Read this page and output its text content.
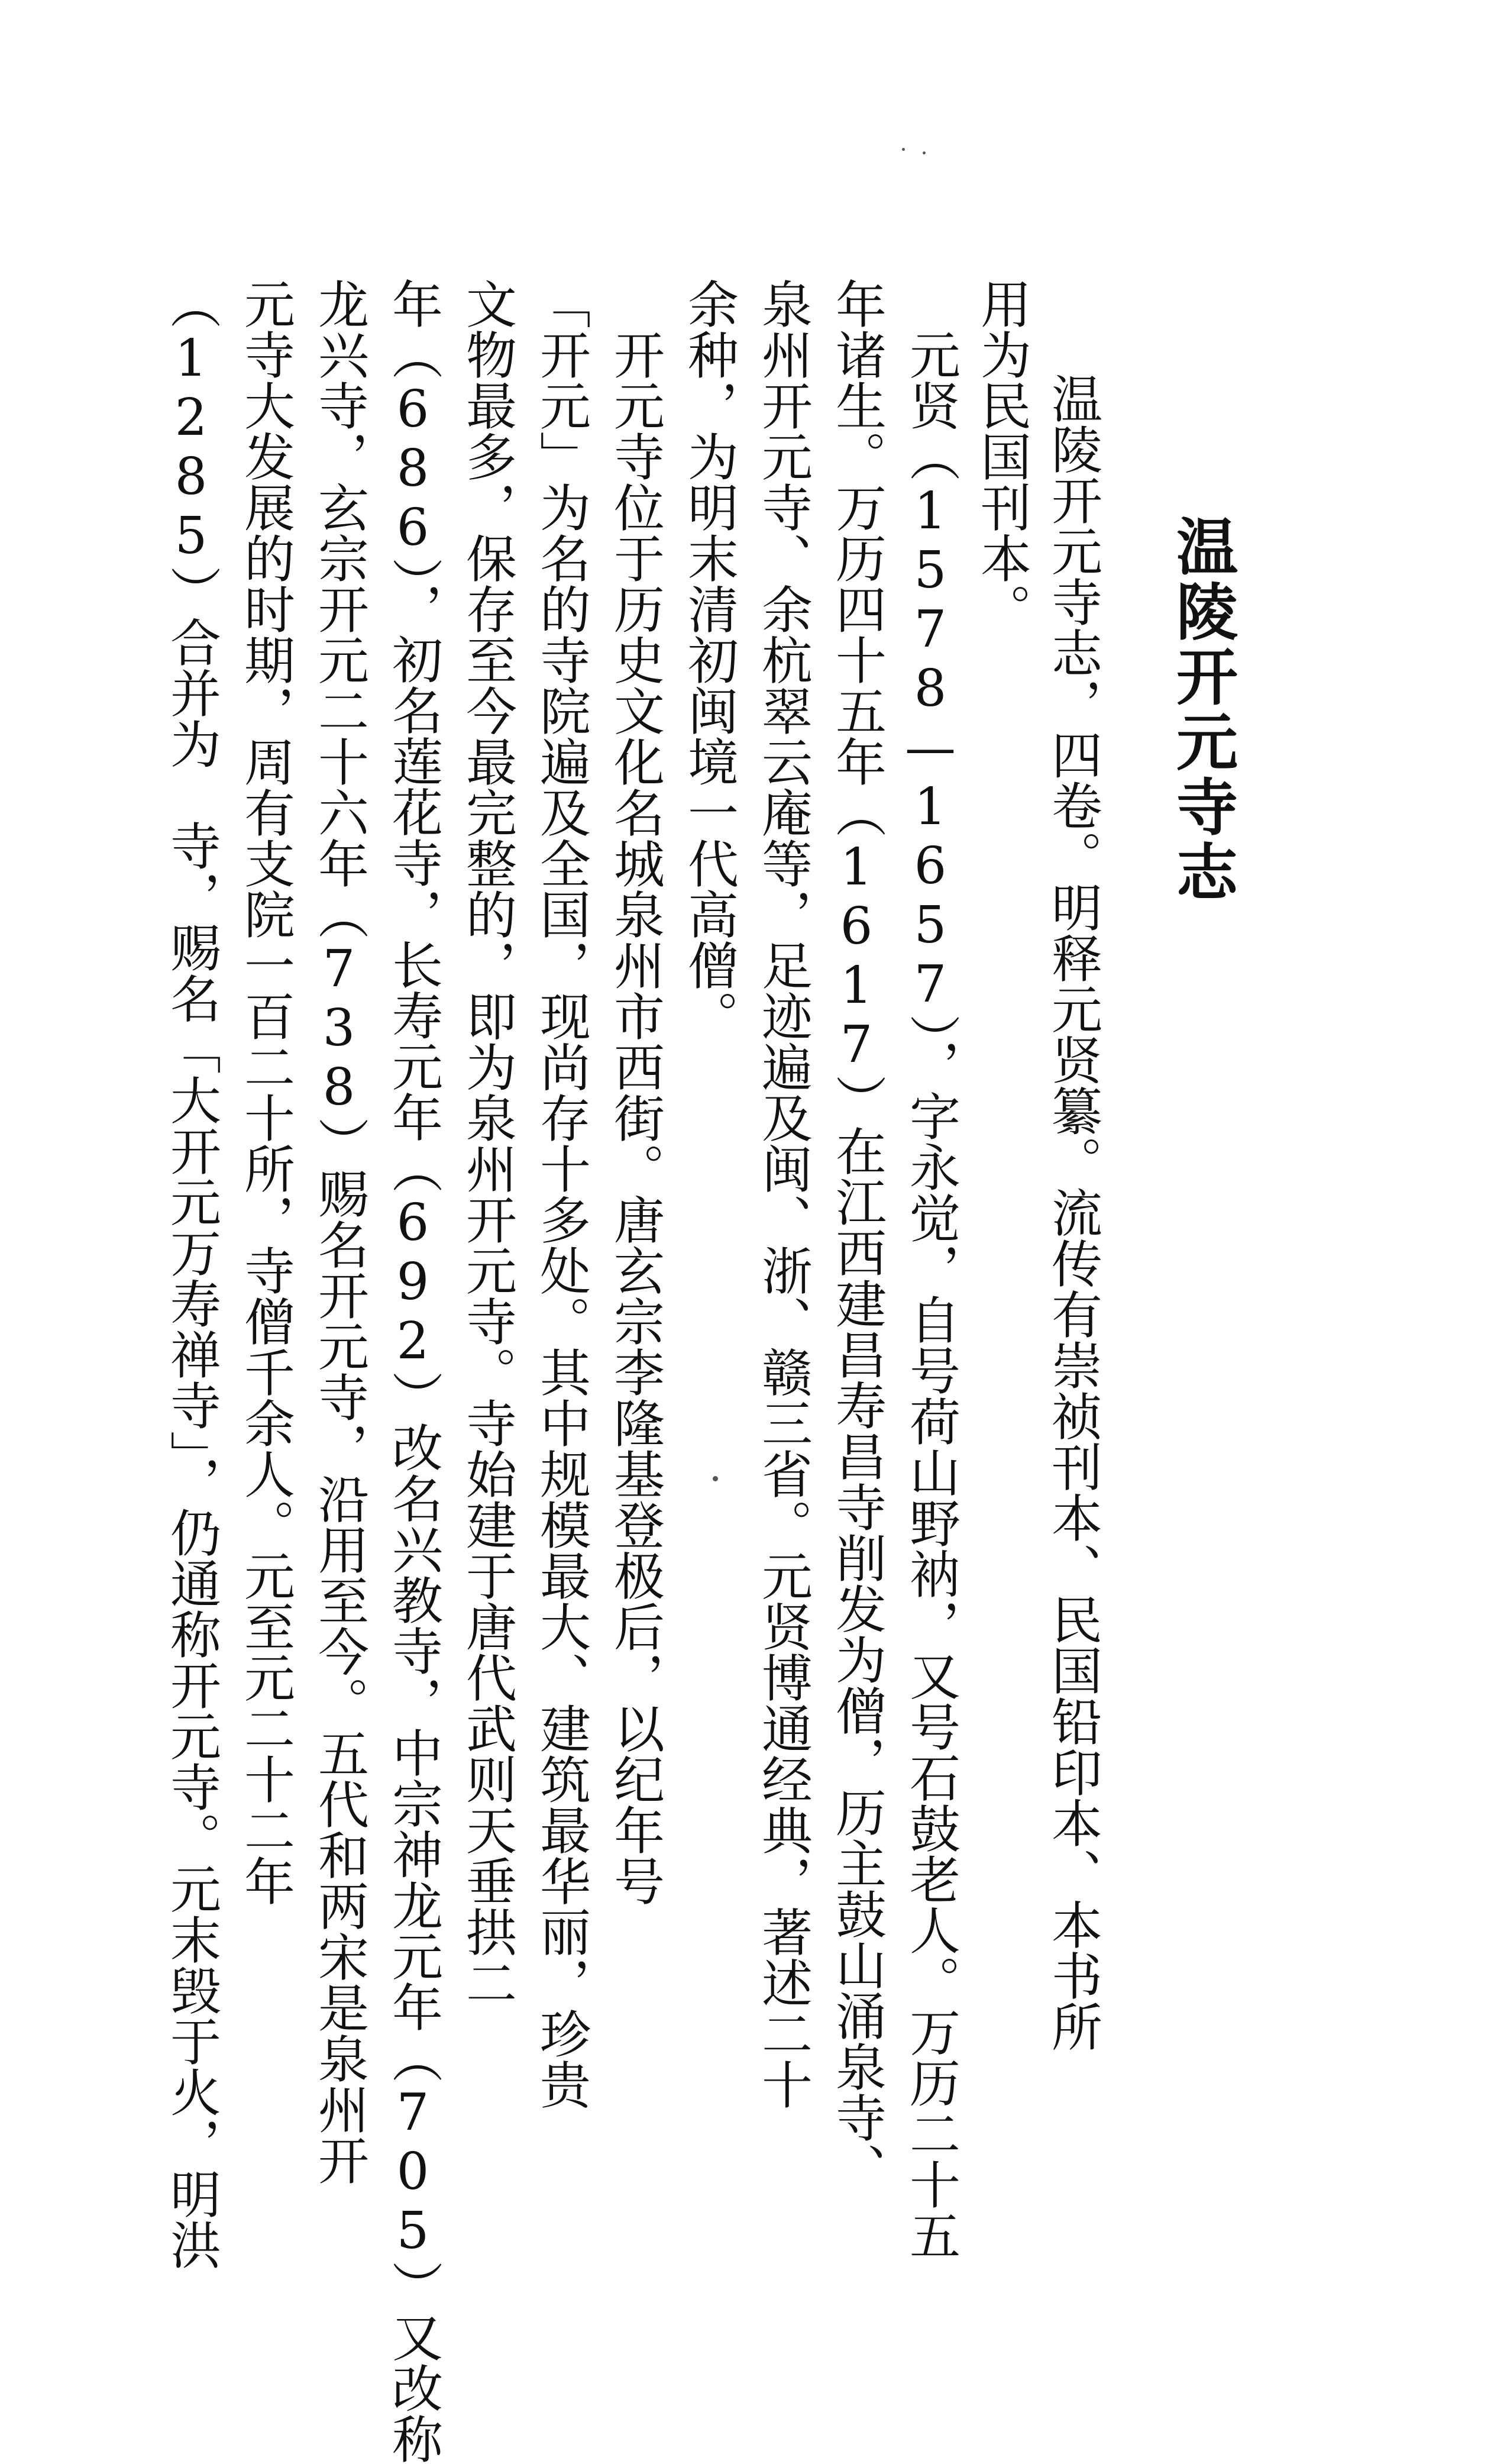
温陵开元寺志
温陵开元寺志，四卷。明释元贤纂。流传有崇祯刊本、民国铅印本、本书所
用为民国刊本。
　元贤（1578—1657），字永觉，自号荷山野衲，又号石鼓老人。万历二十五
年诸生。万历四十五年（1617）在江西建昌寿昌寺削发为僧，历主鼓山涌泉寺、
泉州开元寺、余杭翠云庵等，足迹遍及闽、浙、赣三省。元贤博通经典，著述二十
余种，为明末清初闽境一代高僧。
　开元寺位于历史文化名城泉州市西街。唐玄宗李隆基登极后，以纪年号
「开元」为名的寺院遍及全国，现尚存十多处。其中规模最大、建筑最华丽，珍贵
文物最多，保存至今最完整的，即为泉州开元寺。寺始建于唐代武则天垂拱二
年（686），初名莲花寺，长寿元年（692）改名兴教寺，中宗神龙元年（705）又改称
龙兴寺，玄宗开元二十六年（738）赐名开元寺，沿用至今。五代和两宋是泉州开
元寺大发展的时期，周有支院一百二十所，寺僧千余人。元至元二十二年
（1285）合并为　寺，赐名「大开元万寿禅寺」，仍通称开元寺。元末毁于火，明洪
